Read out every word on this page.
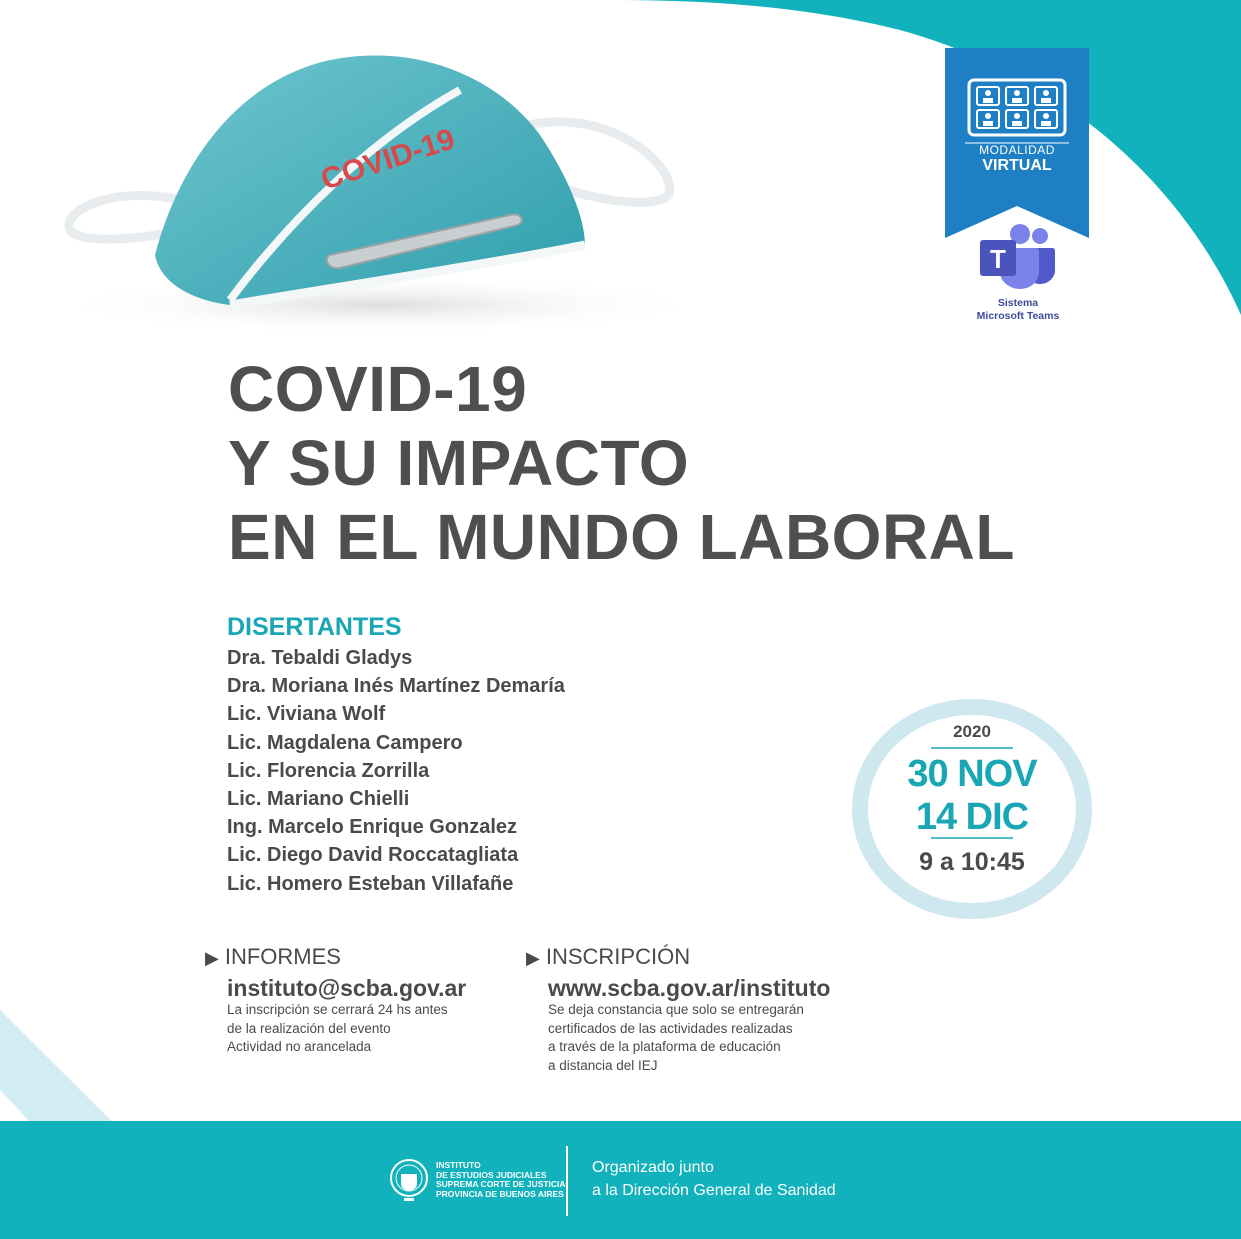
COVID-19	MODALIDAD
VIRTUAL
T
Sistema
Microsoft Teams
COVID-19
Y SU IMPACTO
EN EL MUNDO LABORAL
DISERTANTES
Dra. Tebaldi Gladys
Dra. Moriana Inés Martínez Demaría
Lic. Viviana Wolf
Lic. Magdalena Campero
Lic. Florencia Zorrilla
Lic. Mariano Chielli
Ing. Marcelo Enrique Gonzalez
Lic. Diego David Roccatagliata
Lic. Homero Esteban Villafañe
2020
30 NOV
14 DIC
9 a 10:45
▶ INFORMES
instituto@scba.gov.ar
La inscripción se cerrará 24 hs antes
de la realización del evento
Actividad no arancelada
▶ INSCRIPCIÓN
www.scba.gov.ar/instituto
Se deja constancia que solo se entregarán
certificados de las actividades realizadas
a través de la plataforma de educación
a distancia del IEJ
INSTITUTO
DE ESTUDIOS JUDICIALES
SUPREMA CORTE DE JUSTICIA
PROVINCIA DE BUENOS AIRES
Organizado junto
a la Dirección General de Sanidad
